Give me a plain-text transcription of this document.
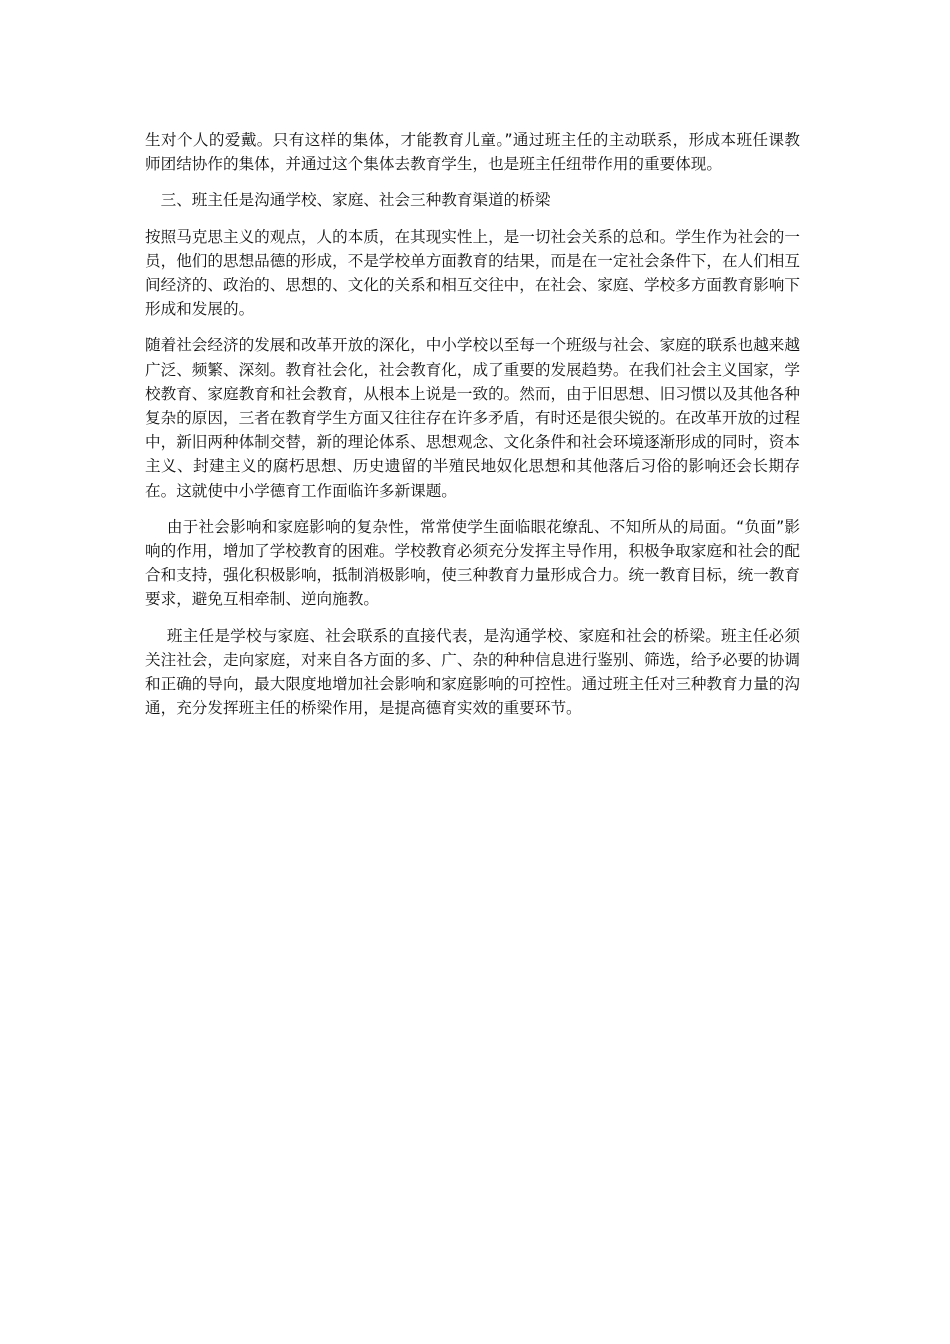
生对个人的爱戴。只有这样的集体，才能教育儿童。”通过班主任的主动联系，形成本班任课教师团结协作的集体，并通过这个集体去教育学生，也是班主任纽带作用的重要体现。

三、班主任是沟通学校、家庭、社会三种教育渠道的桥梁

按照马克思主义的观点，人的本质，在其现实性上，是一切社会关系的总和。学生作为社会的一员，他们的思想品德的形成，不是学校单方面教育的结果，而是在一定社会条件下，在人们相互间经济的、政治的、思想的、文化的关系和相互交往中，在社会、家庭、学校多方面教育影响下形成和发展的。

随着社会经济的发展和改革开放的深化，中小学校以至每一个班级与社会、家庭的联系也越来越广泛、频繁、深刻。教育社会化，社会教育化，成了重要的发展趋势。在我们社会主义国家，学校教育、家庭教育和社会教育，从根本上说是一致的。然而，由于旧思想、旧习惯以及其他各种复杂的原因，三者在教育学生方面又往往存在许多矛盾，有时还是很尖锐的。在改革开放的过程中，新旧两种体制交替，新的理论体系、思想观念、文化条件和社会环境逐渐形成的同时，资本主义、封建主义的腐朽思想、历史遗留的半殖民地奴化思想和其他落后习俗的影响还会长期存在。这就使中小学德育工作面临许多新课题。

由于社会影响和家庭影响的复杂性，常常使学生面临眼花缭乱、不知所从的局面。“负面”影响的作用，增加了学校教育的困难。学校教育必须充分发挥主导作用，积极争取家庭和社会的配合和支持，强化积极影响，抵制消极影响，使三种教育力量形成合力。统一教育目标，统一教育要求，避免互相牵制、逆向施教。

班主任是学校与家庭、社会联系的直接代表，是沟通学校、家庭和社会的桥梁。班主任必须关注社会，走向家庭，对来自各方面的多、广、杂的种种信息进行鉴别、筛选，给予必要的协调和正确的导向，最大限度地增加社会影响和家庭影响的可控性。通过班主任对三种教育力量的沟通，充分发挥班主任的桥梁作用，是提高德育实效的重要环节。
